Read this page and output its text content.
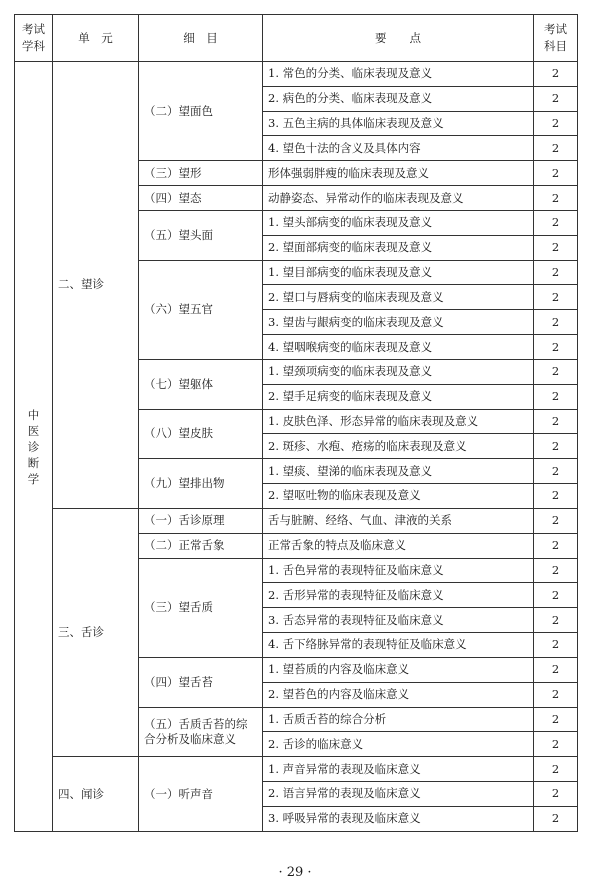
考试学科	单　元	细　目	要　　点	考试科目
中医诊断学	二、望诊	（二）望面色	1. 常色的分类、临床表现及意义	2
			2. 病色的分类、临床表现及意义	2
			3. 五色主病的具体临床表现及意义	2
			4. 望色十法的含义及具体内容	2
		（三）望形	形体强弱胖瘦的临床表现及意义	2
		（四）望态	动静姿态、异常动作的临床表现及意义	2
		（五）望头面	1. 望头部病变的临床表现及意义	2
			2. 望面部病变的临床表现及意义	2
		（六）望五官	1. 望目部病变的临床表现及意义	2
			2. 望口与唇病变的临床表现及意义	2
			3. 望齿与龈病变的临床表现及意义	2
			4. 望咽喉病变的临床表现及意义	2
		（七）望躯体	1. 望颈项病变的临床表现及意义	2
			2. 望手足病变的临床表现及意义	2
		（八）望皮肤	1. 皮肤色泽、形态异常的临床表现及意义	2
			2. 斑疹、水疱、疮疡的临床表现及意义	2
		（九）望排出物	1. 望痰、望涕的临床表现及意义	2
			2. 望呕吐物的临床表现及意义	2
	三、舌诊	（一）舌诊原理	舌与脏腑、经络、气血、津液的关系	2
		（二）正常舌象	正常舌象的特点及临床意义	2
		（三）望舌质	1. 舌色异常的表现特征及临床意义	2
			2. 舌形异常的表现特征及临床意义	2
			3. 舌态异常的表现特征及临床意义	2
			4. 舌下络脉异常的表现特征及临床意义	2
		（四）望舌苔	1. 望苔质的内容及临床意义	2
			2. 望苔色的内容及临床意义	2
		（五）舌质舌苔的综合分析及临床意义	1. 舌质舌苔的综合分析	2
			2. 舌诊的临床意义	2
	四、闻诊	（一）听声音	1. 声音异常的表现及临床意义	2
			2. 语言异常的表现及临床意义	2
			3. 呼吸异常的表现及临床意义	2
· 29 ·
